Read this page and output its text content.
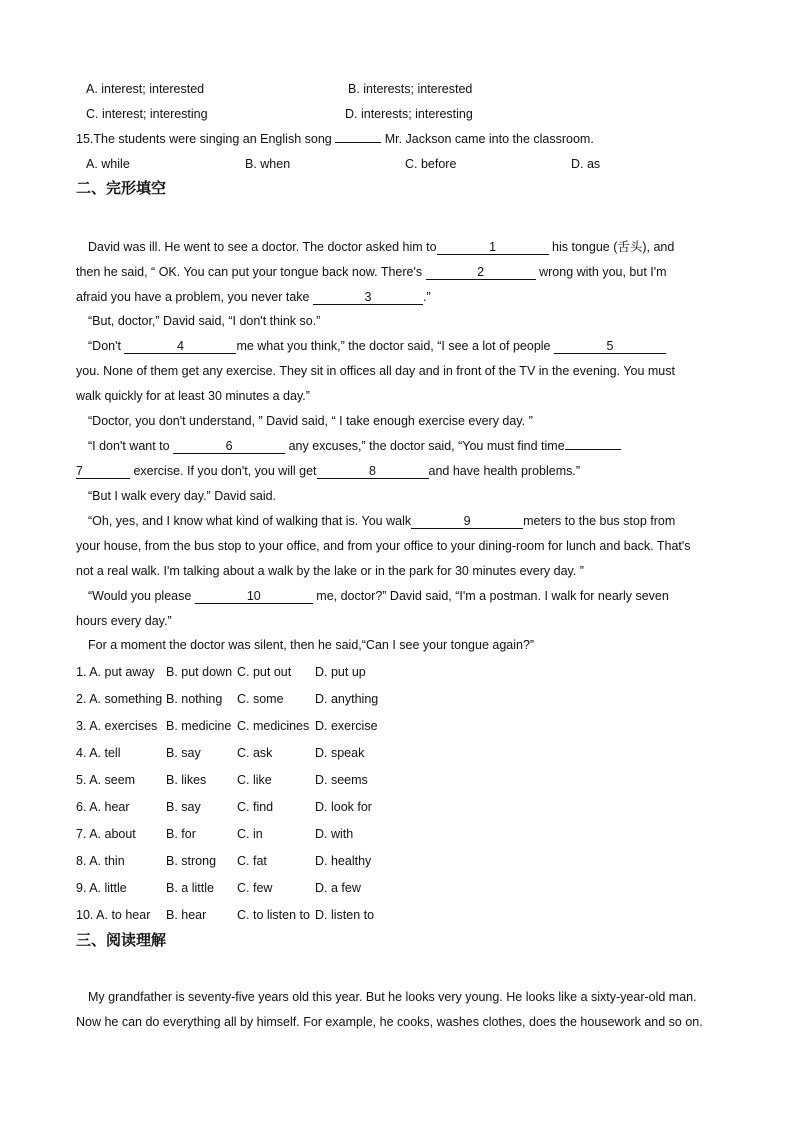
A. interest; interested	B. interests; interested
C. interest; interesting	D. interests; interesting
15.The students were singing an English song	Mr. Jackson came into the classroom.
A. while	B. when	C. before	D. as
二、完形填空
David was ill. He went to see a doctor. The doctor asked him to	1	his tongue (舌头), and
then he said, “ OK. You can put your tongue back now. There's	2	wrong with you, but I'm
afraid you have a problem, you never take	3	.”
“But, doctor,” David said, “I don't think so.”
“Don't	4	me what you think,” the doctor said, “I see a lot of people	5
you. None of them get any exercise. They sit in offices all day and in front of the TV in the evening. You must
walk quickly for at least 30 minutes a day.”
“Doctor, you don't understand, ” David said, “ I take enough exercise every day. ”
“I don't want to	6	any excuses,” the doctor said, “You must find time
7	exercise. If you don't, you will get	8	and have health problems.”
“But I walk every day.” David said.
“Oh, yes, and I know what kind of walking that is. You walk	9	meters to the bus stop from
your house, from the bus stop to your office, and from your office to your dining-room for lunch and back. That's
not a real walk. I'm talking about a walk by the lake or in the park for 30 minutes every day. ”
“Would you please	10	me, doctor?” David said, “I'm a postman. I walk for nearly seven
hours every day.”
For a moment the doctor was silent, then he said,“Can I see your tongue again?”
1. A. put away B. put down C. put out D. put up
2. A. something B. nothing C. some	D. anything
3. A. exercises B. medicine C. medicines D. exercise
4. A. tell	B. say	C. ask	D. speak
5. A. seem B. likes C. like	D. seems
6. A. hear	B. say	C. find	D. look for
7. A. about B. for	C. in	D. with
8. A. thin	B. strong C. fat	D. healthy
9. A. little	B. a little C. few	D. a few
10. A. to hear B. hear C. to listen to D. listen to
三、阅读理解
My grandfather is seventy-five years old this year. But he looks very young. He looks like a sixty-year-old man.
Now he can do everything all by himself. For example, he cooks, washes clothes, does the housework and so on.
